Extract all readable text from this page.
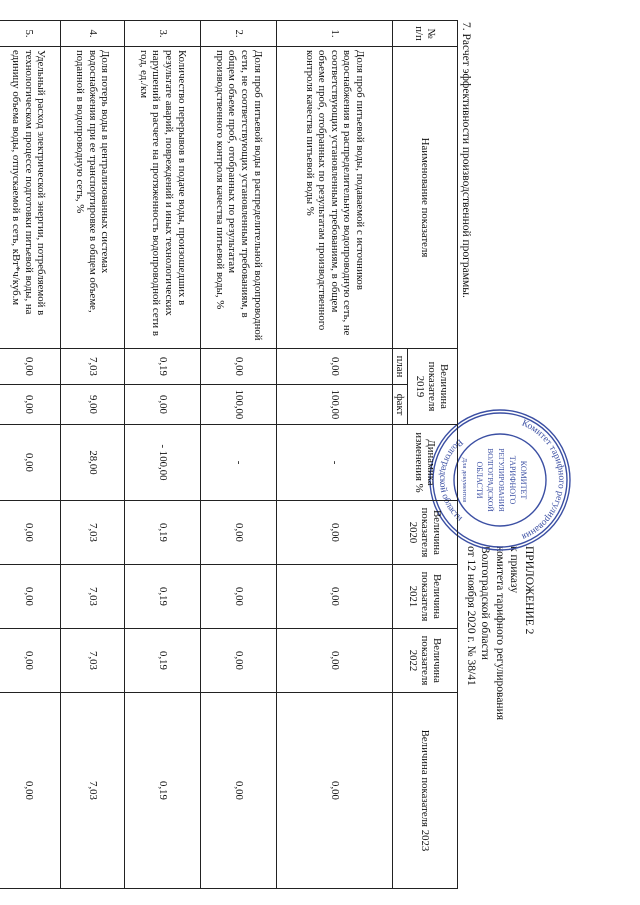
ПРИЛОЖЕНИЕ 2
к приказу
комитета тарифного регулирования
Волгоградской области
от 12 ноября 2020 г. № 38/41
Комитет тарифного регулирования
Волгоградской области
КОМИТЕТ
ТАРИФНОГО
РЕГУЛИРОВАНИЯ
ВОЛГОГРАДСКОЙ
ОБЛАСТИ
Для документов
7. Расчет эффективности производственной программы.
№ п/п	Наименование показателя	Величина показателя 2019		Динамика изменения %	Величина показателя 2020	Величина показателя 2021	Величина показателя 2022	Величина показателя 2023
		план	факт					
1.	Доля проб питьевой воды, подаваемой с источников водоснабжения в распределительную водопроводную сеть, не соответствующих установленным требованиям, в общем объеме проб, отобранных по результатам производственного контроля качества питьевой воды %	0,00	100,00	-	0,00	0,00	0,00	0,00
2.	Доля проб питьевой воды в распределительной водопроводной сети, не соответствующих установленным требованиям, в общем объеме проб, отобранных по результатам производственного контроля качества питьевой воды, %	0,00	100,00	-	0,00	0,00	0,00	0,00
3.	Количество перерывов в подаче воды, произошедших в результате аварий, повреждений и иных технологических нарушений в расчете на протяженность водопроводной сети в год, ед./км	0,19	0,00	- 100,00	0,19	0,19	0,19	0,19
4.	Доля потерь воды в централизованных системах водоснабжения при ее транспортировке в общем объеме, поданной в водопроводную сеть, %	7,03	9,00	28,00	7,03	7,03	7,03	7,03
5.	Удельный расход электрической энергии, потребляемой в технологическом процессе подготовки питьевой воды, на единицу объема воды, отпускаемой в сеть, кВт*ч/куб.м	0,00	0,00	0,00	0,00	0,00	0,00	0,00
